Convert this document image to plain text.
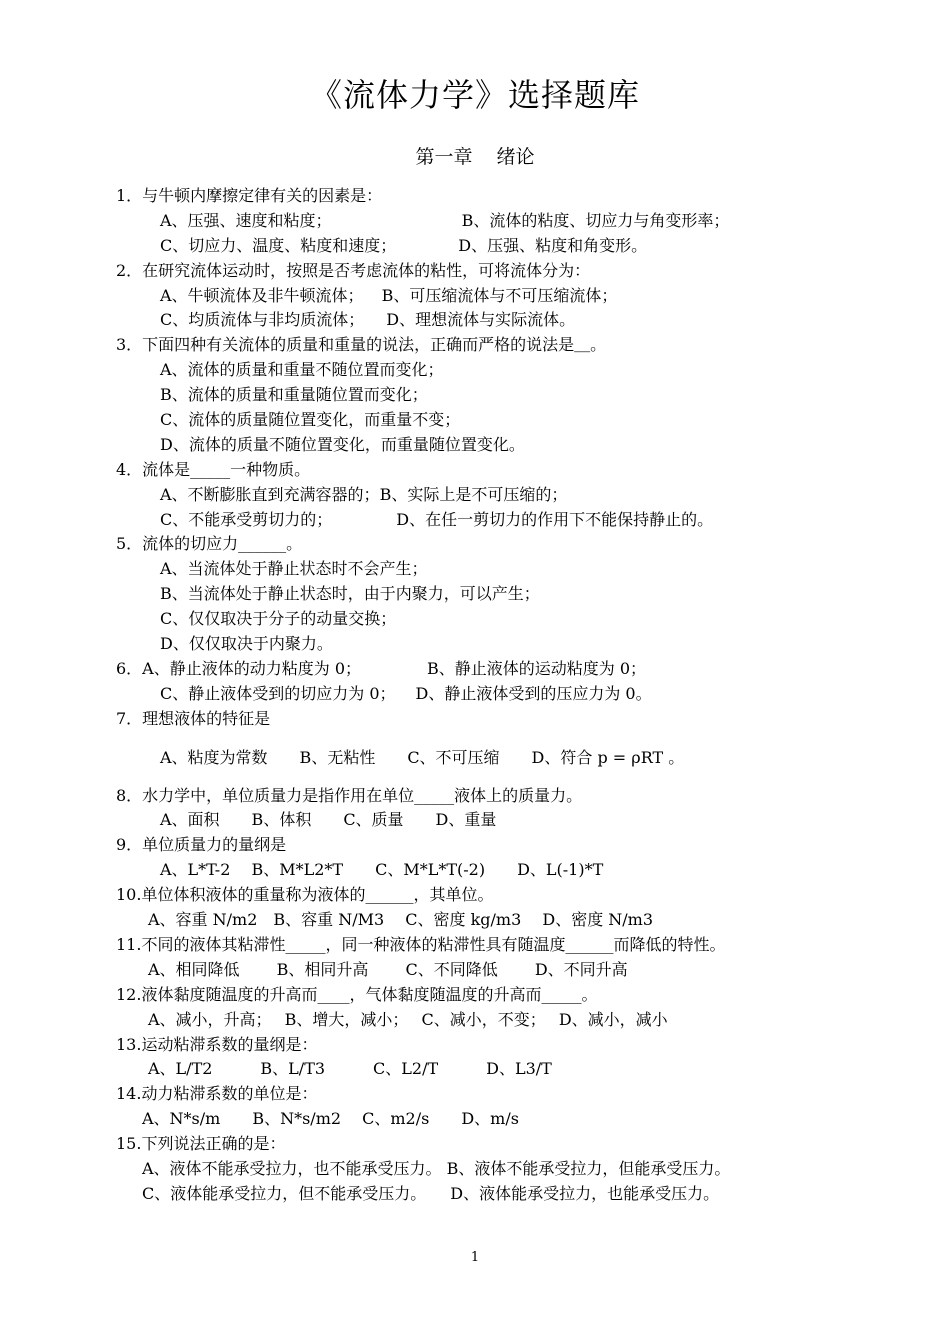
《流体力学》选择题库
第一章 绪论
1．与牛顿内摩擦定律有关的因素是：
A、压强、速度和粘度；	B、流体的粘度、切应力与角变形率；
C、切应力、温度、粘度和速度；	D、压强、粘度和角变形。
2．在研究流体运动时，按照是否考虑流体的粘性，可将流体分为：
A、牛顿流体及非牛顿流体； B、可压缩流体与不可压缩流体；
C、均质流体与非均质流体； D、理想流体与实际流体。
3．下面四种有关流体的质量和重量的说法，正确而严格的说法是＿。
A、流体的质量和重量不随位置而变化；
B、流体的质量和重量随位置而变化；
C、流体的质量随位置变化，而重量不变；
D、流体的质量不随位置变化，而重量随位置变化。
4．流体是_____一种物质。
A、不断膨胀直到充满容器的；B、实际上是不可压缩的；
C、不能承受剪切力的；	D、在任一剪切力的作用下不能保持静止的。
5．流体的切应力______。
A、当流体处于静止状态时不会产生；
B、当流体处于静止状态时，由于内聚力，可以产生；
C、仅仅取决于分子的动量交换；
D、仅仅取决于内聚力。
6．A、静止液体的动力粘度为 0；	B、静止液体的运动粘度为 0；
C、静止液体受到的切应力为 0； D、静止液体受到的压应力为 0。
7．理想液体的特征是
A、粘度为常数　　B、无粘性　　C、不可压缩　　D、符合 p = ρRT 。
8．水力学中，单位质量力是指作用在单位_____液体上的质量力。
A、面积　　B、体积　　C、质量　　D、重量
9．单位质量力的量纲是
A、L*T-2　 B、M*L2*T　　C、M*L*T(-2)　　D、L(-1)*T
10.单位体积液体的重量称为液体的______，其单位。
A、容重 N/m2　B、容重 N/M3　 C、密度 kg/m3　 D、密度 N/m3
11.不同的液体其粘滞性_____，同一种液体的粘滞性具有随温度______而降低的特性。
A、相同降低　　 B、相同升高　　 C、不同降低　　 D、不同升高
12.液体黏度随温度的升高而____，气体黏度随温度的升高而_____。
A、减小，升高；　 B、增大，减小；　 C、减小，不变；　 D、减小，减小
13.运动粘滞系数的量纲是：
A、L/T2　　　B、L/T3　　　C、L2/T　　　D、L3/T
14.动力粘滞系数的单位是：
A、N*s/m　　B、N*s/m2　 C、m2/s　　D、m/s
15.下列说法正确的是：
A、液体不能承受拉力，也不能承受压力。 B、液体不能承受拉力，但能承受压力。
C、液体能承受拉力，但不能承受压力。　　D、液体能承受拉力，也能承受压力。
1
